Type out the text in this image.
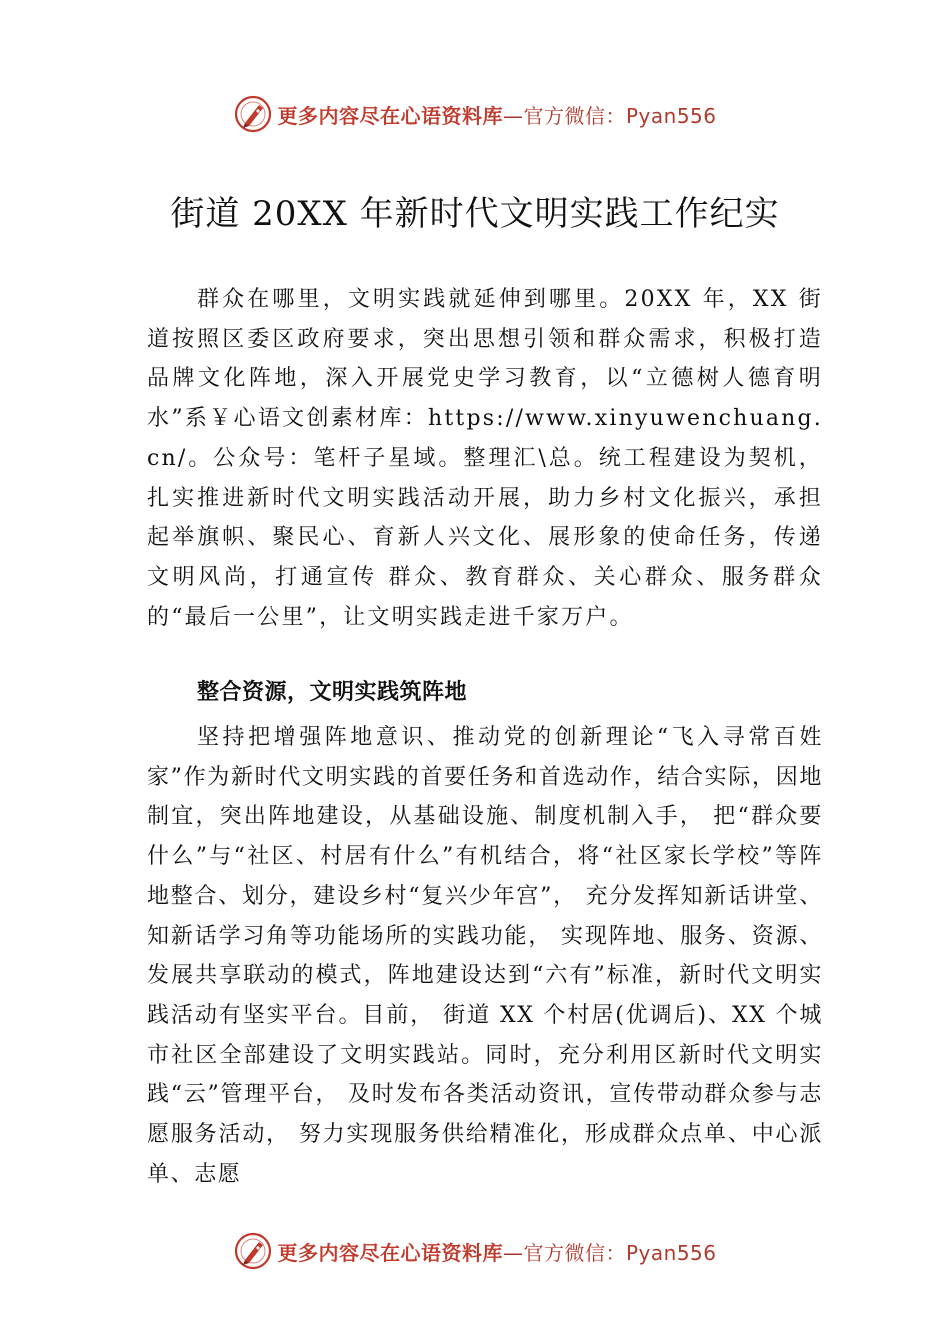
更多内容尽在心语资料库—官方微信：Pyan556
街道 20XX 年新时代文明实践工作纪实

群众在哪里，文明实践就延伸到哪里。20XX 年，XX 街道按照区委区政府要求，突出思想引领和群众需求，积极打造品牌文化阵地，深入开展党史学习教育，以“立德树人德育明水”系￥心语文创素材库：https://www.xinyuwenchuang.cn/。公众号：笔杆子星域。整理汇\总。统工程建设为契机，扎实推进新时代文明实践活动开展，助力乡村文化振兴，承担起举旗帜、聚民心、育新人兴文化、展形象的使命任务，传递文明风尚，打通宣传 群众、教育群众、关心群众、服务群众的“最后一公里”，让文明实践走进千家万户。

整合资源，文明实践筑阵地

坚持把增强阵地意识、推动党的创新理论“飞入寻常百姓家”作为新时代文明实践的首要任务和首选动作，结合实际，因地制宜，突出阵地建设，从基础设施、制度机制入手， 把“群众要什么”与“社区、村居有什么”有机结合，将“社区家长学校”等阵地整合、划分，建设乡村“复兴少年宫”， 充分发挥知新话讲堂、知新话学习角等功能场所的实践功能， 实现阵地、服务、资源、发展共享联动的模式，阵地建设达到“六有”标准，新时代文明实践活动有坚实平台。目前， 街道 XX 个村居(优调后)、XX 个城市社区全部建设了文明实践站。同时，充分利用区新时代文明实践“云”管理平台， 及时发布各类活动资讯，宣传带动群众参与志愿服务活动， 努力实现服务供给精准化，形成群众点单、中心派单、志愿

更多内容尽在心语资料库—官方微信：Pyan556
